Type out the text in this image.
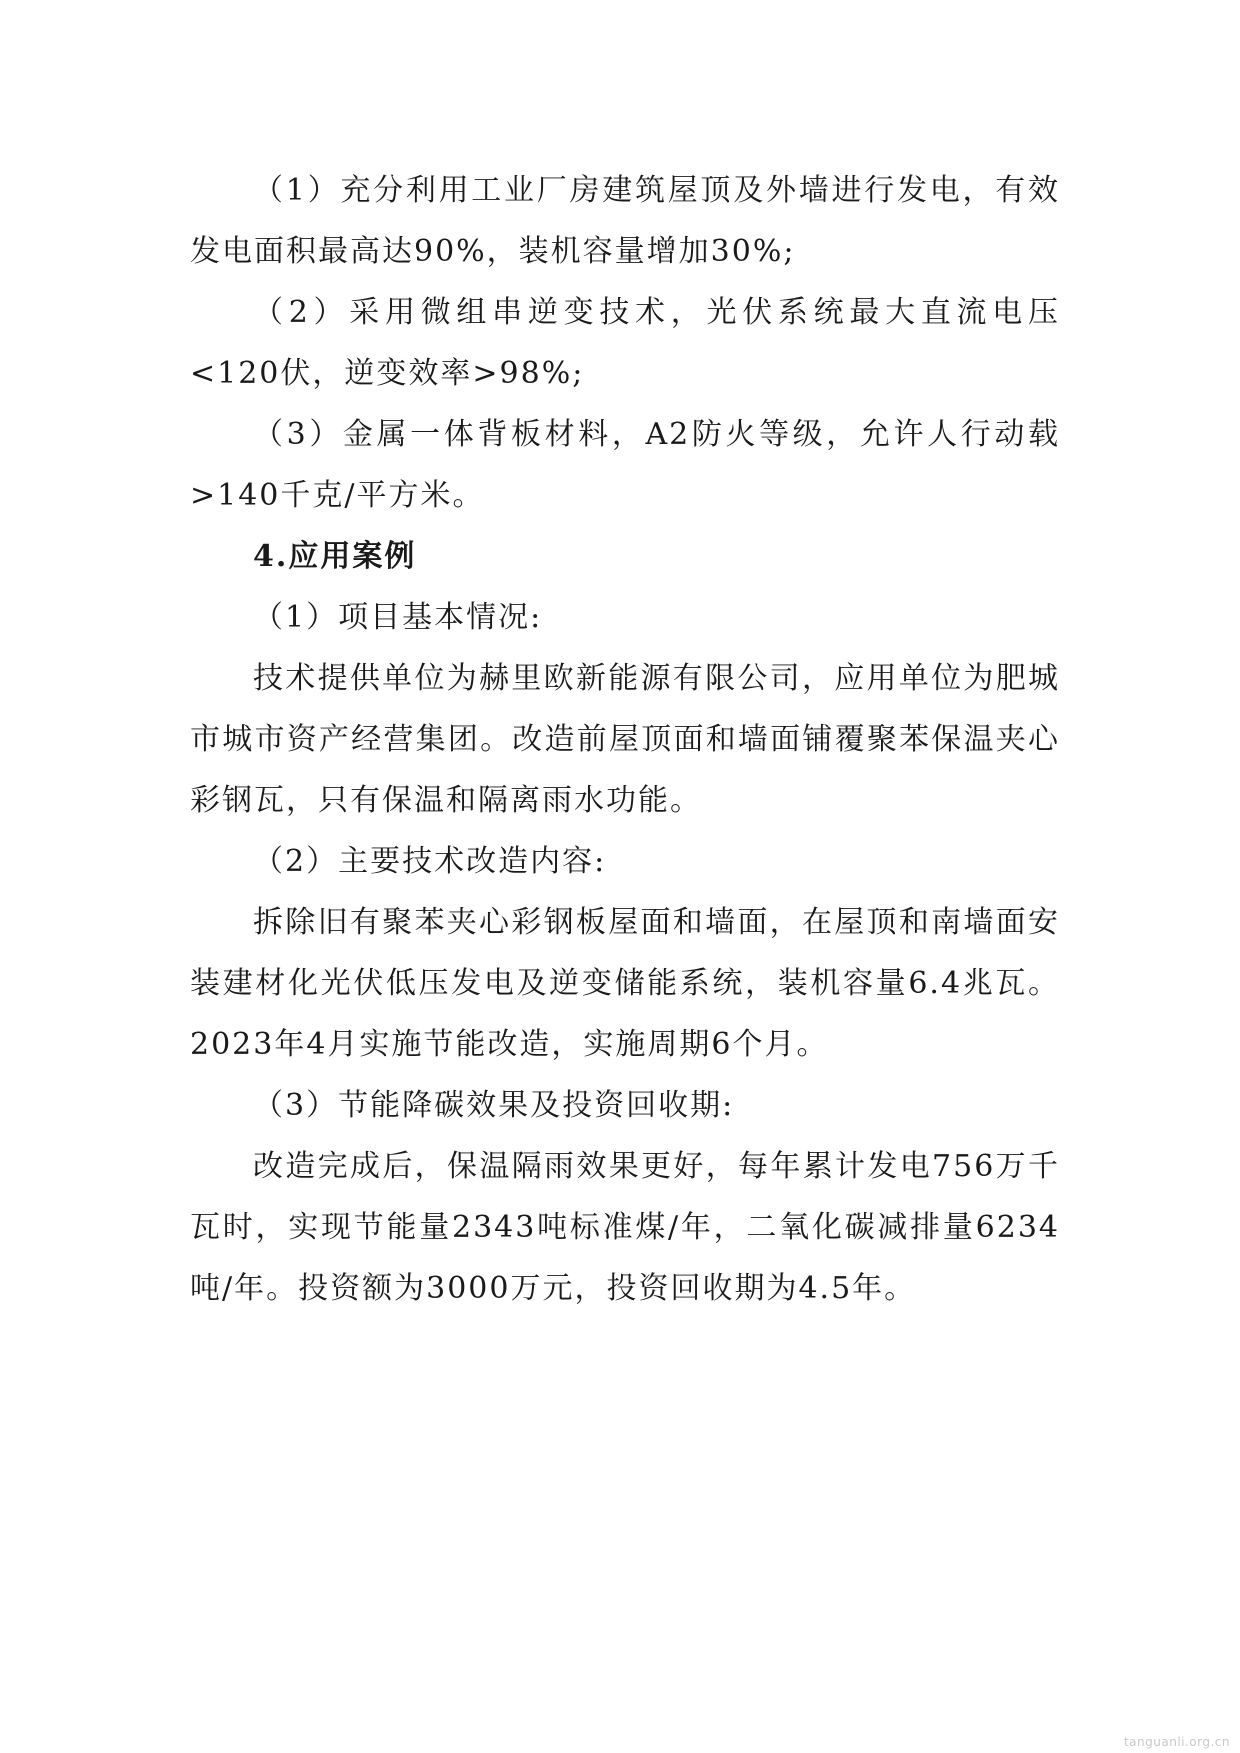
（1）充分利用工业厂房建筑屋顶及外墙进行发电，有效发电面积最高达90%，装机容量增加30%;

（2）采用微组串逆变技术，光伏系统最大直流电压<120伏，逆变效率>98%;

（3）金属一体背板材料，A2防火等级，允许人行动载>140千克/平方米。

4.应用案例

（1）项目基本情况:

技术提供单位为赫里欧新能源有限公司，应用单位为肥城市城市资产经营集团。改造前屋顶面和墙面铺覆聚苯保温夹心彩钢瓦，只有保温和隔离雨水功能。

（2）主要技术改造内容:

拆除旧有聚苯夹心彩钢板屋面和墙面，在屋顶和南墙面安装建材化光伏低压发电及逆变储能系统，装机容量6.4兆瓦。2023年4月实施节能改造，实施周期6个月。

（3）节能降碳效果及投资回收期:

改造完成后，保温隔雨效果更好，每年累计发电756万千瓦时，实现节能量2343吨标准煤/年，二氧化碳减排量6234吨/年。投资额为3000万元，投资回收期为4.5年。

tanguanli.org.cn
